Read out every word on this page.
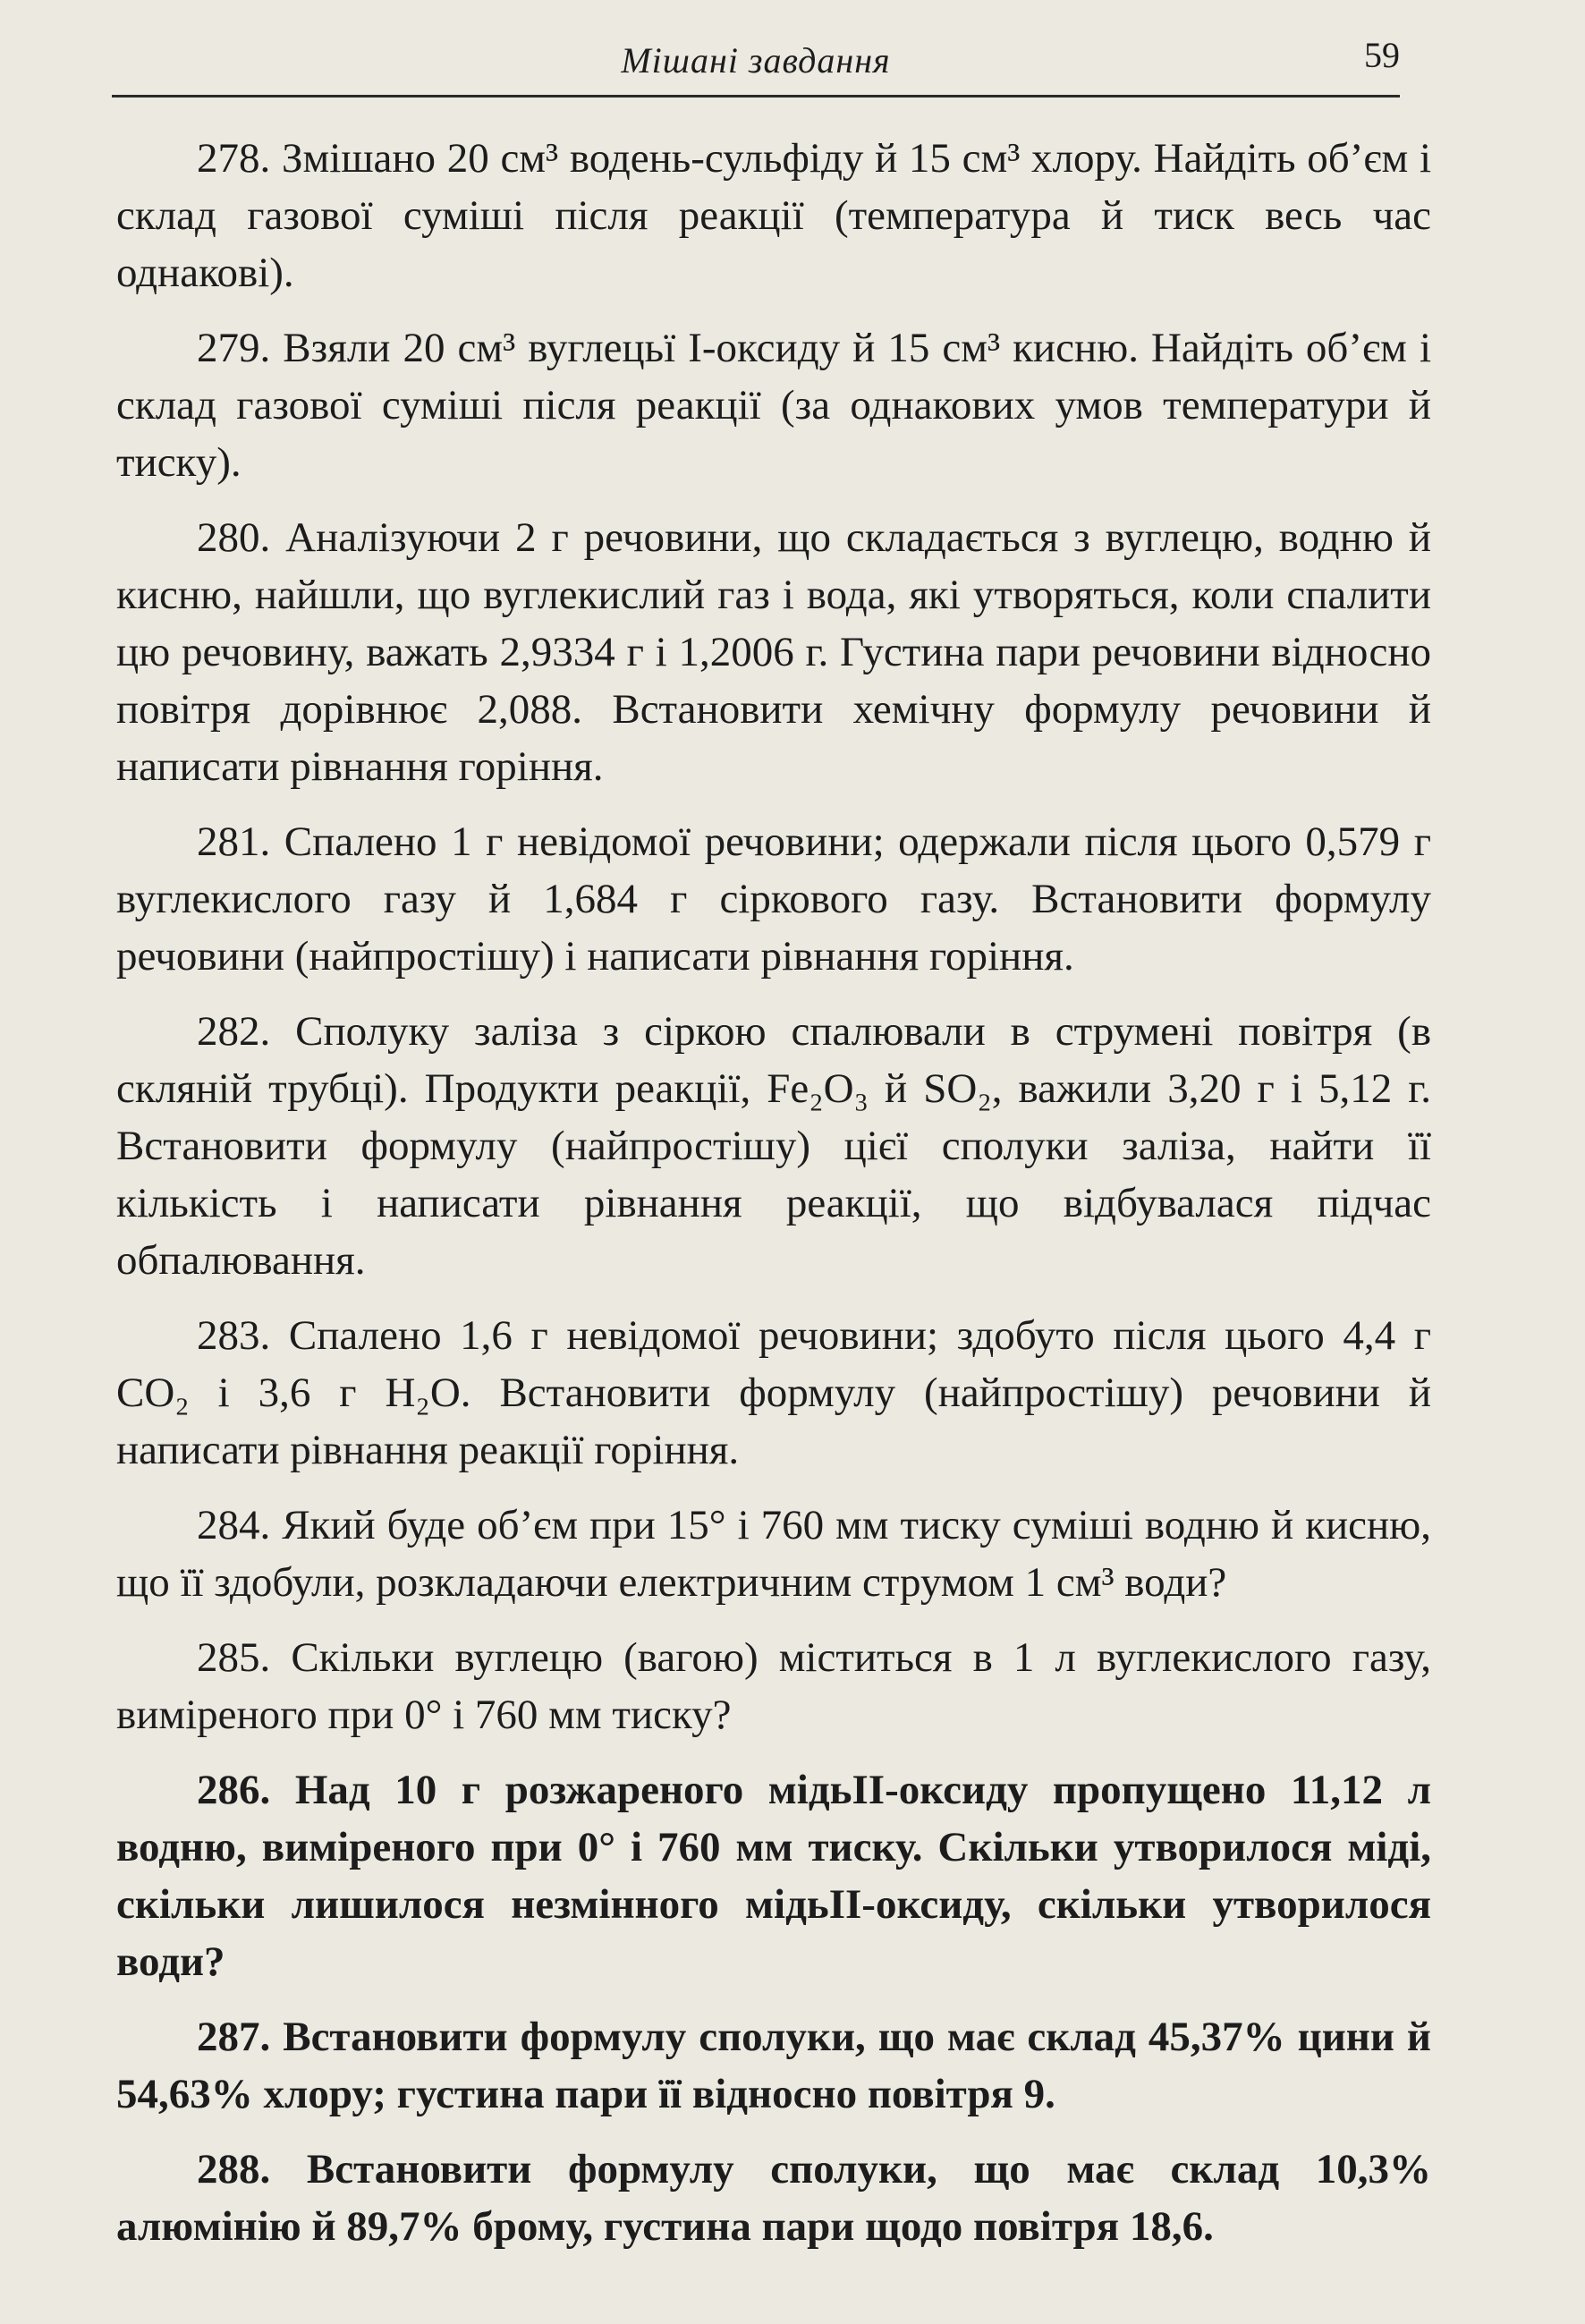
Мішані завдання	59

278. Змішано 20 см³ водень-сульфіду й 15 см³ хлору. Найдіть об’єм і склад газової суміші після реакції (температура й тиск весь час однакові).

279. Взяли 20 см³ вуглецьї І-оксиду й 15 см³ кисню. Найдіть об’єм і склад газової суміші після реакції (за однакових умов температури й тиску).

280. Аналізуючи 2 г речовини, що складається з вуглецю, водню й кисню, найшли, що вуглекислий газ і вода, які утворяться, коли спалити цю речовину, важать 2,9334 г і 1,2006 г. Густина пари речовини відносно повітря дорівнює 2,088. Встановити хемічну формулу речовини й написати рівнання горіння.

281. Спалено 1 г невідомої речовини; одержали після цього 0,579 г вуглекислого газу й 1,684 г сіркового газу. Встановити формулу речовини (найпростішу) і написати рівнання горіння.

282. Сполуку заліза з сіркою спалювали в струмені повітря (в скляній трубці). Продукти реакції, Fe₂O₃ й SO₂, важили 3,20 г і 5,12 г. Встановити формулу (найпростішу) цієї сполуки заліза, найти її кількість і написати рівнання реакції, що відбувалася підчас обпалювання.

283. Спалено 1,6 г невідомої речовини; здобуто після цього 4,4 г CO₂ і 3,6 г H₂O. Встановити формулу (найпростішу) речовини й написати рівнання реакції горіння.

284. Який буде об’єм при 15° і 760 мм тиску суміші водню й кисню, що її здобули, розкладаючи електричним струмом 1 см³ води?

285. Скільки вуглецю (вагою) міститься в 1 л вуглекислого газу, виміреного при 0° і 760 мм тиску?

286. Над 10 г розжареного мідьІІ-оксиду пропущено 11,12 л водню, виміреного при 0° і 760 мм тиску. Скільки утворилося міді, скільки лишилося незмінного мідьІІ-оксиду, скільки утворилося води?

287. Встановити формулу сполуки, що має склад 45,37% цини й 54,63% хлору; густина пари її відносно повітря 9.

288. Встановити формулу сполуки, що має склад 10,3% алюмінію й 89,7% брому, густина пари щодо повітря 18,6.
